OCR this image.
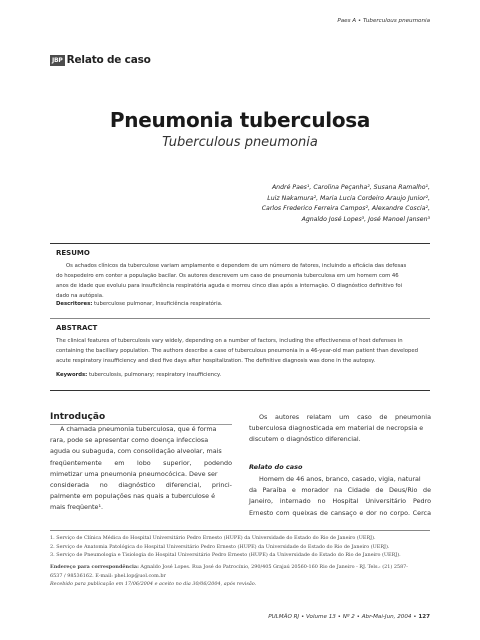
Paes A • Tuberculous pneumonia
JBP Relato de caso
Pneumonia tuberculosa
Tuberculous pneumonia
André Paes¹, Carolina Peçanha², Susana Ramalho¹,
Luiz Nakamura², Maria Lucia Cordeiro Araujo Junior²,
Carlos Frederico Ferreira Campos², Alexandre Coscia²,
Agnaldo José Lopes³, José Manoel Jansen³
RESUMO
Os achados clínicos da tuberculose variam amplamente e dependem de um número de fatores, incluindo a eficácia das defesas
do hospedeiro em conter a população bacilar. Os autores descrevem um caso de pneumonia tuberculosa em um homem com 46
anos de idade que evoluiu para insuficiência respiratória aguda e morreu cinco dias após a internação. O diagnóstico definitivo foi
dado na autópsia.
Descritores: tuberculose pulmonar, Insuficiência respiratória.
ABSTRACT
The clinical features of tuberculosis vary widely, depending on a number of factors, including the effectiveness of host defenses in
containing the bacillary population. The authors describe a case of tuberculous pneumonia in a 46-year-old man patient than developed
acute respiratory insufficiency and died five days after hospitalization. The definitive diagnosis was done in the autopsy.
Keywords: tuberculosis, pulmonary; respiratory insufficiency.
Introdução
A chamada pneumonia tuberculosa, que é forma
rara, pode se apresentar como doença infecciosa
aguda ou subaguda, com consolidação alveolar, mais
freqüentemente em lobo superior, podendo
mimetizar uma pneumonia pneumocócica. Deve ser
considerada no diagnóstico diferencial, princi-
palmente em populações nas quais a tuberculose é
mais freqüente¹.
Os autores relatam um caso de pneumonia
tuberculosa diagnosticada em material de necropsia e
discutem o diagnóstico diferencial.
Relato do caso
Homem de 46 anos, branco, casado, vigia, natural
da Paraíba e morador na Cidade de Deus/Rio de
Janeiro, internado no Hospital Universitário Pedro
Ernesto com queixas de cansaço e dor no corpo. Cerca
1. Serviço de Clínica Médica do Hospital Universitário Pedro Ernesto (HUPE) da Universidade do Estado do Rio de Janeiro (UERJ).
2. Serviço de Anatomia Patológica do Hospital Universitário Pedro Ernesto (HUPE) da Universidade do Estado do Rio de Janeiro (UERJ).
3. Serviço de Pneumologia e Tisiologia do Hospital Universitário Pedro Ernesto (HUPE) da Universidade do Estado do Rio de Janeiro (UERJ).
Endereço para correspondência: Agnaldo José Lopes. Rua José do Patrocínio, 290/405 Grajaú 20560-160 Rio de Janeiro - RJ. Tels.: (21) 2587-
6537 / 98536162. E-mail: phel.lop@uol.com.br
Recebido para publicação em 17/06/2004 e aceito no dia 30/06/2004, após revisão.
PULMÃO RJ • Volume 13 • Nº 2 • Abr-Mai-Jun, 2004 • 127
